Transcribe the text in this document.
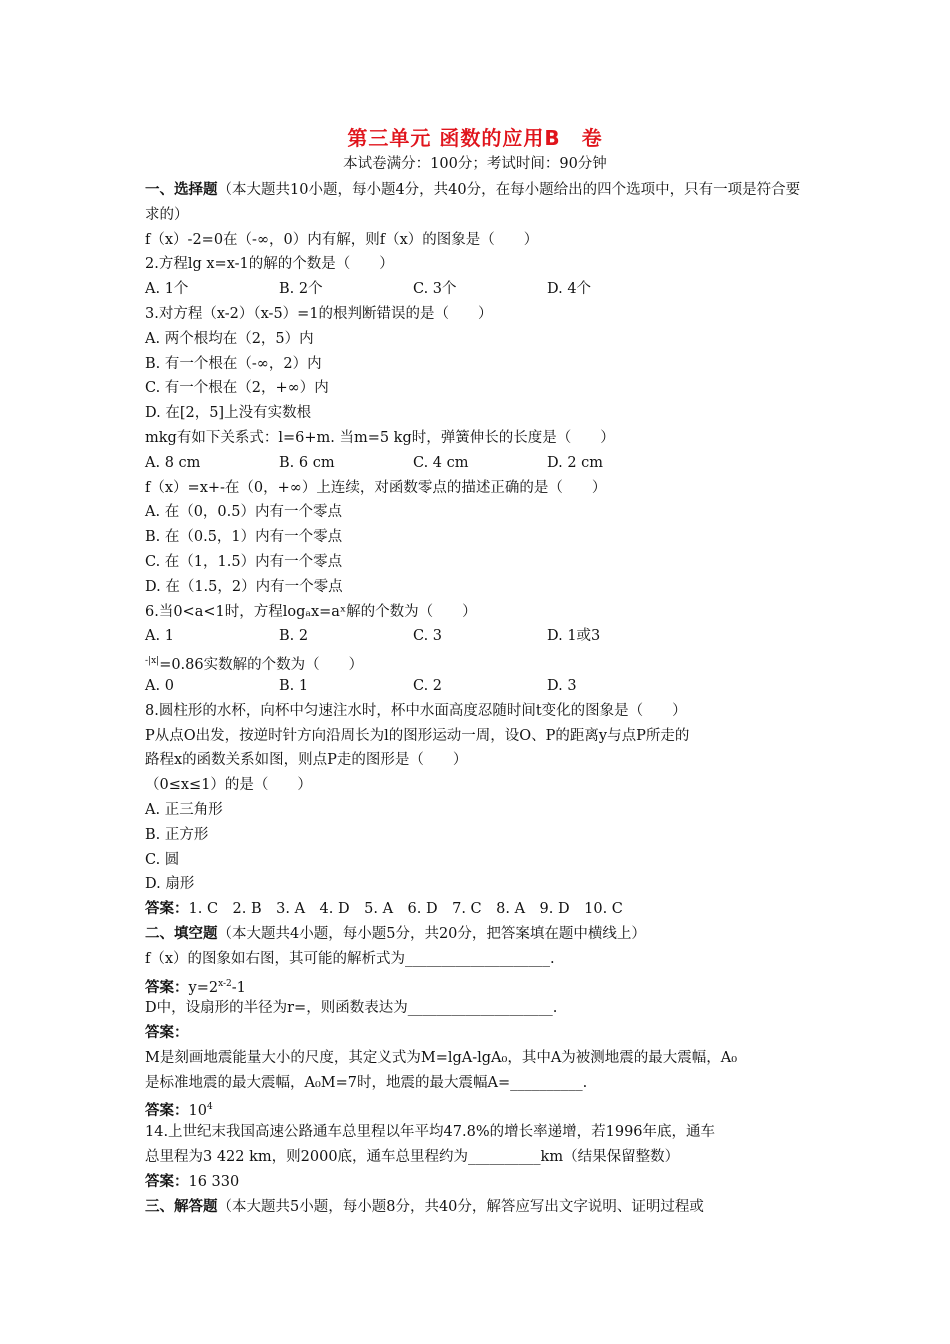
第三单元 函数的应用B　卷
本试卷满分：100分；考试时间：90分钟
一、选择题（本大题共10小题，每小题4分，共40分，在每小题给出的四个选项中，只有一项是符合要求的）
f（x）-2=0在（-∞，0）内有解，则f（x）的图象是（　　）
2.方程lg x=x-1的解的个数是（　　）
A. 1个	B. 2个	C. 3个	D. 4个
3.对方程（x-2）（x-5）=1的根判断错误的是（　　）
A. 两个根均在（2，5）内
B. 有一个根在（-∞，2）内
C. 有一个根在（2，+∞）内
D. 在[2，5]上没有实数根
mkg有如下关系式：l=6+m. 当m=5 kg时，弹簧伸长的长度是（　　）
A. 8 cm	B. 6 cm	C. 4 cm	D. 2 cm
f（x）=x+-在（0，+∞）上连续，对函数零点的描述正确的是（　　）
A. 在（0，0.5）内有一个零点
B. 在（0.5，1）内有一个零点
C. 在（1，1.5）内有一个零点
D. 在（1.5，2）内有一个零点
6.当0<a<1时，方程logₐx=aˣ解的个数为（　　）
A. 1	B. 2	C. 3	D. 1或3
$^{-|x|}$=0.86实数解的个数为（　　）
A. 0	B. 1	C. 2	D. 3
8.圆柱形的水杯，向杯中匀速注水时，杯中水面高度忍随时间t变化的图象是（　　）
P从点O出发，按逆时针方向沿周长为l的图形运动一周，设O、P的距离y与点P所走的
路程x的函数关系如图，则点P走的图形是（　　）
（0≤x≤1）的是（　　）
A. 正三角形
B. 正方形
C. 圆
D. 扇形
答案：1. C　2. B　3. A　4. D　5. A　6. D　7. C　8. A　9. D　10. C
二、填空题（本大题共4小题，每小题5分，共20分，把答案填在题中横线上）
f（x）的图象如右图，其可能的解析式为____________________.
答案：$y=2^{x-2}-1$
D中，设扇形的半径为r=，则函数表达为____________________.
答案：
M是刻画地震能量大小的尺度，其定义式为M=lgA-lgA₀，其中A为被测地震的最大震幅，A₀
是标准地震的最大震幅，A₀M=7时，地震的最大震幅A=__________.
答案：$10^4$
14.上世纪末我国高速公路通车总里程以年平均47.8%的增长率递增，若1996年底，通车
总里程为3 422 km，则2000底，通车总里程约为__________km（结果保留整数）
答案：16 330
三、解答题（本大题共5小题，每小题8分，共40分，解答应写出文字说明、证明过程或
